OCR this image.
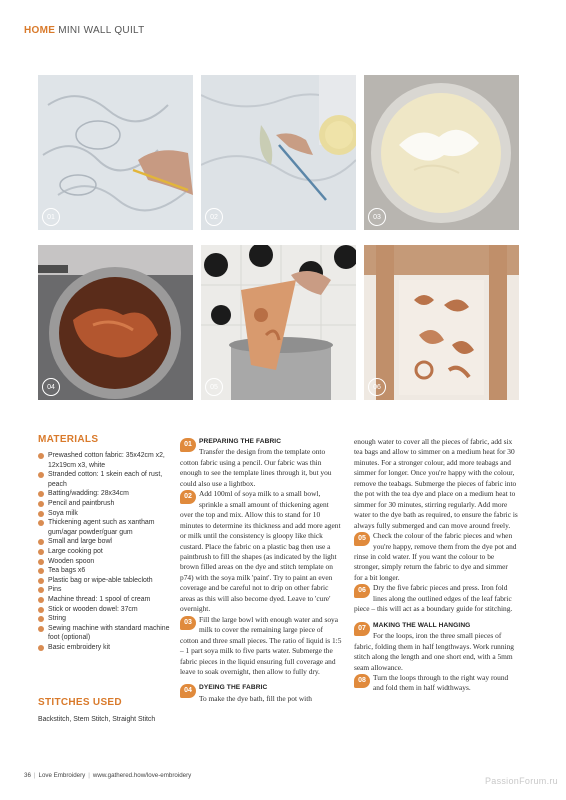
HOME MINI WALL QUILT
01	02	03
04	05	06
MATERIALS
Prewashed cotton fabric: 35x42cm x2, 12x19cm x3, white
Stranded cotton: 1 skein each of rust, peach
Batting/wadding: 28x34cm
Pencil and paintbrush
Soya milk
Thickening agent such as xantham gum/agar powder/guar gum
Small and large bowl
Large cooking pot
Wooden spoon
Tea bags x6
Plastic bag or wipe-able tablecloth
Pins
Machine thread: 1 spool of cream
Stick or wooden dowel: 37cm
String
Sewing machine with standard machine foot (optional)
Basic embroidery kit
STITCHES USED
Backstitch, Stem Stitch, Straight Stitch
01	PREPARING THE FABRIC
Transfer the design from the template onto cotton fabric using a pencil. Our fabric was thin enough to see the template lines through it, but you could also use a lightbox.
02 Add 100ml of soya milk to a small bowl, sprinkle a small amount of thickening agent over the top and mix. Allow this to stand for 10 minutes to determine its thickness and add more agent or milk until the consistency is gloopy like thick custard. Place the fabric on a plastic bag then use a paintbrush to fill the shapes (as indicated by the light brown filled areas on the dye and stitch template on p74) with the soya milk 'paint'. Try to paint an even coverage and be careful not to drip on other fabric areas as this will also become dyed. Leave to 'cure' overnight.
03 Fill the large bowl with enough water and soya milk to cover the remaining large piece of cotton and three small pieces. The ratio of liquid is 1:5 – 1 part soya milk to five parts water. Submerge the fabric pieces in the liquid ensuring full coverage and leave to soak overnight, then allow to fully dry.
04	DYEING THE FABRIC
To make the dye bath, fill the pot with
enough water to cover all the pieces of fabric, add six tea bags and allow to simmer on a medium heat for 30 minutes. For a stronger colour, add more teabags and simmer for longer. Once you're happy with the colour, remove the teabags. Submerge the pieces of fabric into the pot with the tea dye and place on a medium heat to simmer for 30 minutes, stirring regularly. Add more water to the dye bath as required, to ensure the fabric is always fully submerged and can move around freely.
05 Check the colour of the fabric pieces and when you're happy, remove them from the dye pot and rinse in cold water. If you want the colour to be stronger, simply return the fabric to dye and simmer for a bit longer.
06 Dry the five fabric pieces and press. Iron fold lines along the outlined edges of the leaf fabric piece – this will act as a boundary guide for stitching.
07	MAKING THE WALL HANGING
For the loops, iron the three small pieces of fabric, folding them in half lengthways. Work running stitch along the length and one short end, with a 5mm seam allowance.
08 Turn the loops through to the right way round and fold them in half widthways.
36 | Love Embroidery | www.gathered.how/love-embroidery
PassionForum.ru
